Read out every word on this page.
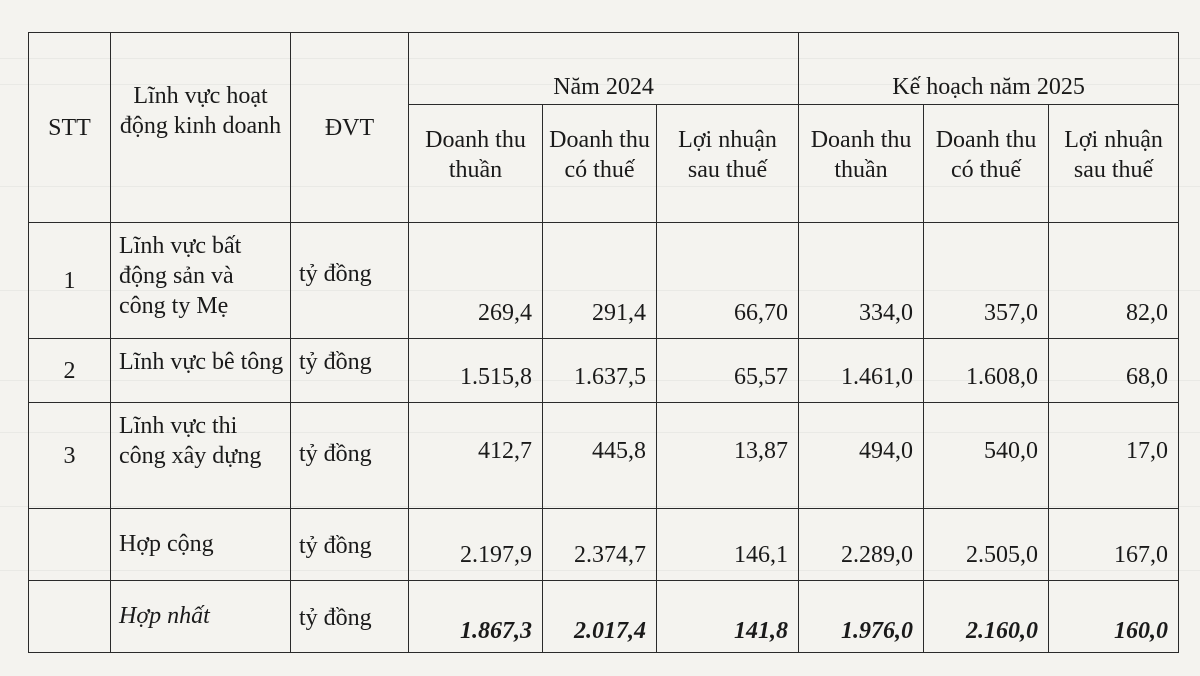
STT	Lĩnh vực hoạt động kinh doanh	ĐVT	Năm 2024			Kế hoạch năm 2025		
			Doanh thu thuần	Doanh thu có thuế	Lợi nhuận sau thuế	Doanh thu thuần	Doanh thu có thuế	Lợi nhuận sau thuế
1	Lĩnh vực bất động sản và công ty Mẹ	tỷ đồng	269,4	291,4	66,70	334,0	357,0	82,0
2	Lĩnh vực bê tông	tỷ đồng	1.515,8	1.637,5	65,57	1.461,0	1.608,0	68,0
3	Lĩnh vực thi công xây dựng	tỷ đồng	412,7	445,8	13,87	494,0	540,0	17,0
	Hợp cộng	tỷ đồng	2.197,9	2.374,7	146,1	2.289,0	2.505,0	167,0
	Hợp nhất	tỷ đồng	1.867,3	2.017,4	141,8	1.976,0	2.160,0	160,0
